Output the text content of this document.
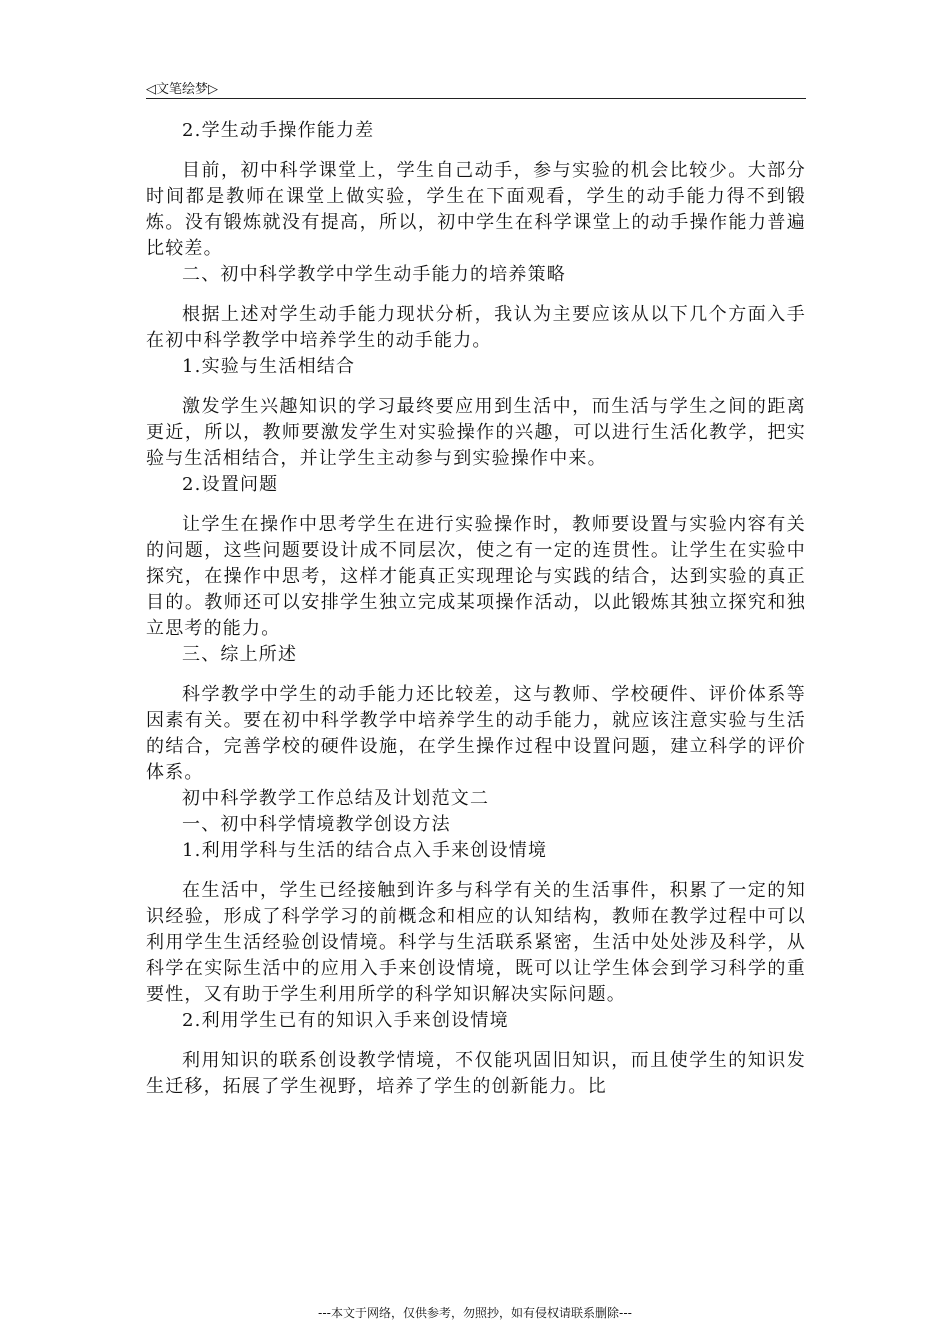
◁文笔绘梦▷

2.学生动手操作能力差

目前，初中科学课堂上，学生自己动手，参与实验的机会比较少。大部分时间都是教师在课堂上做实验，学生在下面观看，学生的动手能力得不到锻炼。没有锻炼就没有提高，所以，初中学生在科学课堂上的动手操作能力普遍比较差。

二、初中科学教学中学生动手能力的培养策略

根据上述对学生动手能力现状分析，我认为主要应该从以下几个方面入手在初中科学教学中培养学生的动手能力。

1.实验与生活相结合

激发学生兴趣知识的学习最终要应用到生活中，而生活与学生之间的距离更近，所以，教师要激发学生对实验操作的兴趣，可以进行生活化教学，把实验与生活相结合，并让学生主动参与到实验操作中来。

2.设置问题

让学生在操作中思考学生在进行实验操作时，教师要设置与实验内容有关的问题，这些问题要设计成不同层次，使之有一定的连贯性。让学生在实验中探究，在操作中思考，这样才能真正实现理论与实践的结合，达到实验的真正目的。教师还可以安排学生独立完成某项操作活动，以此锻炼其独立探究和独立思考的能力。

三、综上所述

科学教学中学生的动手能力还比较差，这与教师、学校硬件、评价体系等因素有关。要在初中科学教学中培养学生的动手能力，就应该注意实验与生活的结合，完善学校的硬件设施，在学生操作过程中设置问题，建立科学的评价体系。

初中科学教学工作总结及计划范文二

一、初中科学情境教学创设方法

1.利用学科与生活的结合点入手来创设情境

在生活中，学生已经接触到许多与科学有关的生活事件，积累了一定的知识经验，形成了科学学习的前概念和相应的认知结构，教师在教学过程中可以利用学生生活经验创设情境。科学与生活联系紧密，生活中处处涉及科学，从科学在实际生活中的应用入手来创设情境，既可以让学生体会到学习科学的重要性，又有助于学生利用所学的科学知识解决实际问题。

2.利用学生已有的知识入手来创设情境

利用知识的联系创设教学情境，不仅能巩固旧知识，而且使学生的知识发生迁移，拓展了学生视野，培养了学生的创新能力。比

---本文于网络，仅供参考，勿照抄，如有侵权请联系删除---
